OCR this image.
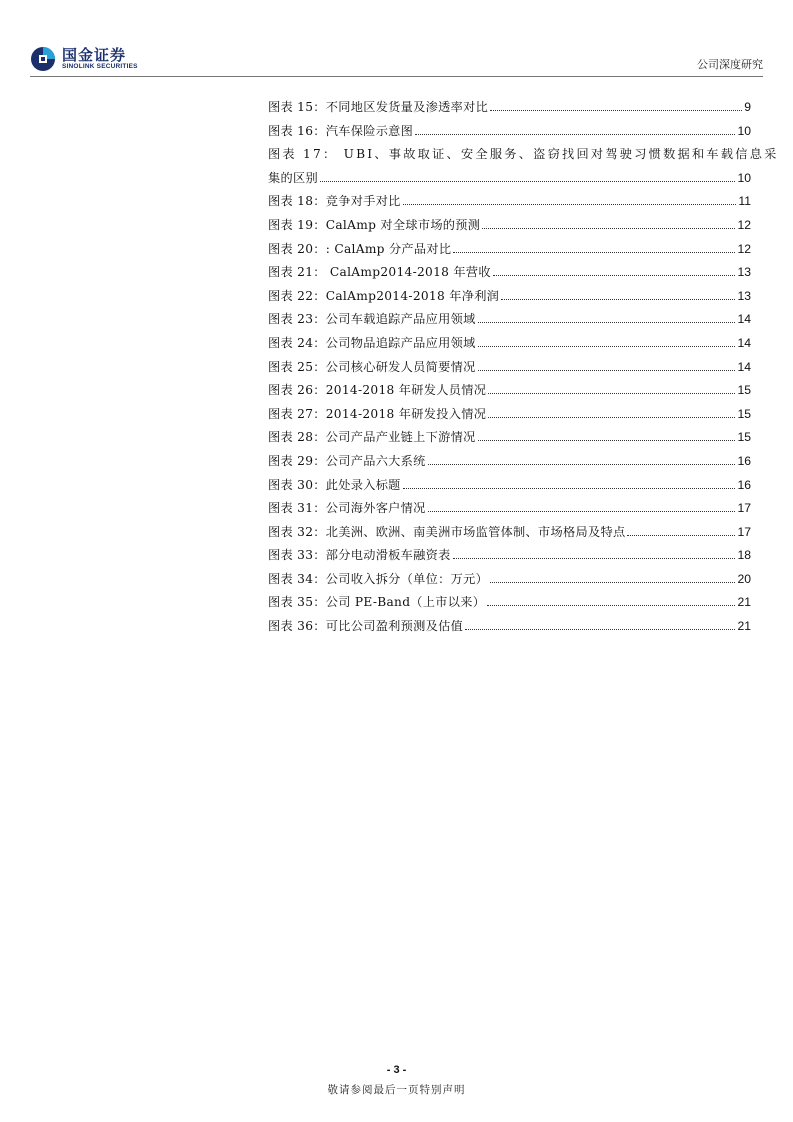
国金证券
SINOLINK SECURITIES	公司深度研究
图表 15：不同地区发货量及渗透率对比	9
图表 16：汽车保险示意图	10
图表 17： UBI、事故取证、安全服务、盗窃找回对驾驶习惯数据和车载信息采
集的区别	10
图表 18：竞争对手对比	11
图表 19：CalAmp 对全球市场的预测	12
图表 20：: CalAmp 分产品对比	12
图表 21： CalAmp2014-2018 年营收	13
图表 22：CalAmp2014-2018 年净利润	13
图表 23：公司车载追踪产品应用领域	14
图表 24：公司物品追踪产品应用领域	14
图表 25：公司核心研发人员简要情况	14
图表 26：2014-2018 年研发人员情况	15
图表 27：2014-2018 年研发投入情况	15
图表 28：公司产品产业链上下游情况	15
图表 29：公司产品六大系统	16
图表 30：此处录入标题	16
图表 31：公司海外客户情况	17
图表 32：北美洲、欧洲、南美洲市场监管体制、市场格局及特点	17
图表 33：部分电动滑板车融资表	18
图表 34：公司收入拆分（单位：万元）	20
图表 35：公司 PE-Band（上市以来）	21
图表 36：可比公司盈利预测及估值	21
- 3 -
敬请参阅最后一页特别声明
